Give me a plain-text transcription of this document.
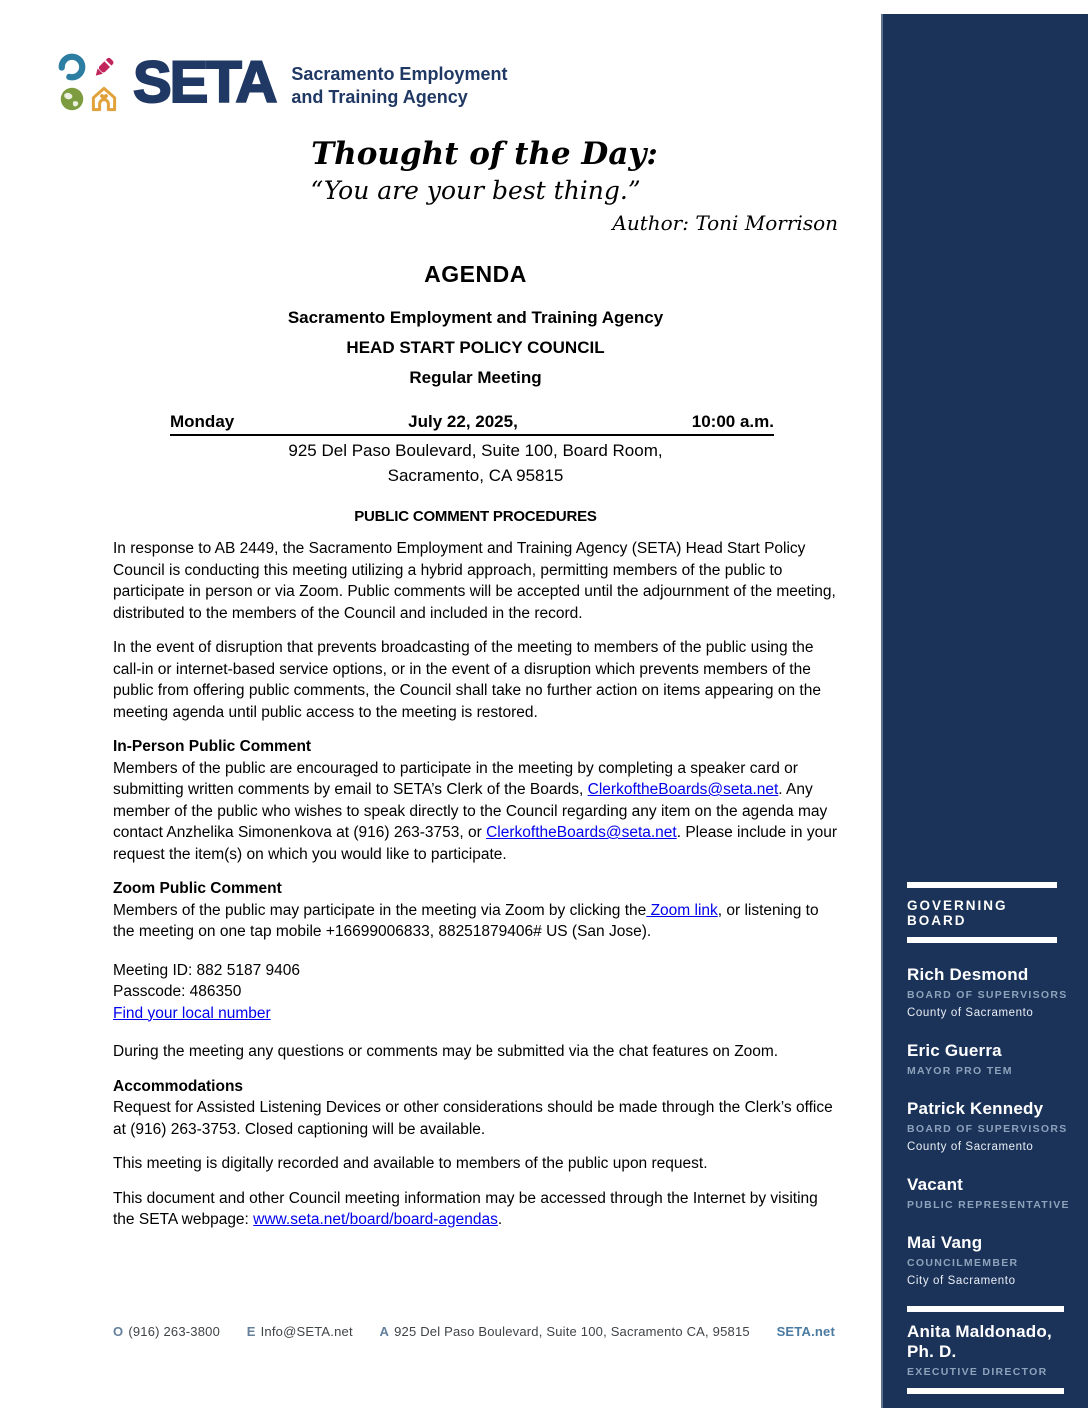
SETA Sacramento Employment
and Training Agency
Thought of the Day:
“You are your best thing.”
Author: Toni Morrison
AGENDA
Sacramento Employment and Training Agency
HEAD START POLICY COUNCIL
Regular Meeting
Monday	July 22, 2025,	10:00 a.m.
925 Del Paso Boulevard, Suite 100, Board Room,
Sacramento, CA 95815
PUBLIC COMMENT PROCEDURES
In response to AB 2449, the Sacramento Employment and Training Agency (SETA) Head Start Policy Council is conducting this meeting utilizing a hybrid approach, permitting members of the public to participate in person or via Zoom. Public comments will be accepted until the adjournment of the meeting, distributed to the members of the Council and included in the record.
In the event of disruption that prevents broadcasting of the meeting to members of the public using the call-in or internet-based service options, or in the event of a disruption which prevents members of the public from offering public comments, the Council shall take no further action on items appearing on the meeting agenda until public access to the meeting is restored.
In-Person Public Comment
Members of the public are encouraged to participate in the meeting by completing a speaker card or submitting written comments by email to SETA’s Clerk of the Boards, ClerkoftheBoards@seta.net. Any member of the public who wishes to speak directly to the Council regarding any item on the agenda may contact Anzhelika Simonenkova at (916) 263-3753, or ClerkoftheBoards@seta.net. Please include in your request the item(s) on which you would like to participate.
Zoom Public Comment
Members of the public may participate in the meeting via Zoom by clicking the Zoom link, or listening to the meeting on one tap mobile +16699006833, 88251879406# US (San Jose).
Meeting ID: 882 5187 9406
Passcode: 486350
Find your local number
During the meeting any questions or comments may be submitted via the chat features on Zoom.
Accommodations
Request for Assisted Listening Devices or other considerations should be made through the Clerk’s office at (916) 263-3753. Closed captioning will be available.
This meeting is digitally recorded and available to members of the public upon request.
This document and other Council meeting information may be accessed through the Internet by visiting the SETA webpage: www.seta.net/board/board-agendas.
O (916) 263-3800 E Info@SETA.net A 925 Del Paso Boulevard, Suite 100, Sacramento CA, 95815 SETA.net
GOVERNING BOARD
Rich Desmond
BOARD OF SUPERVISORS
County of Sacramento
Eric Guerra
MAYOR PRO TEM
Patrick Kennedy
BOARD OF SUPERVISORS
County of Sacramento
Vacant
PUBLIC REPRESENTATIVE
Mai Vang
COUNCILMEMBER
City of Sacramento
Anita Maldonado, Ph. D.
EXECUTIVE DIRECTOR
